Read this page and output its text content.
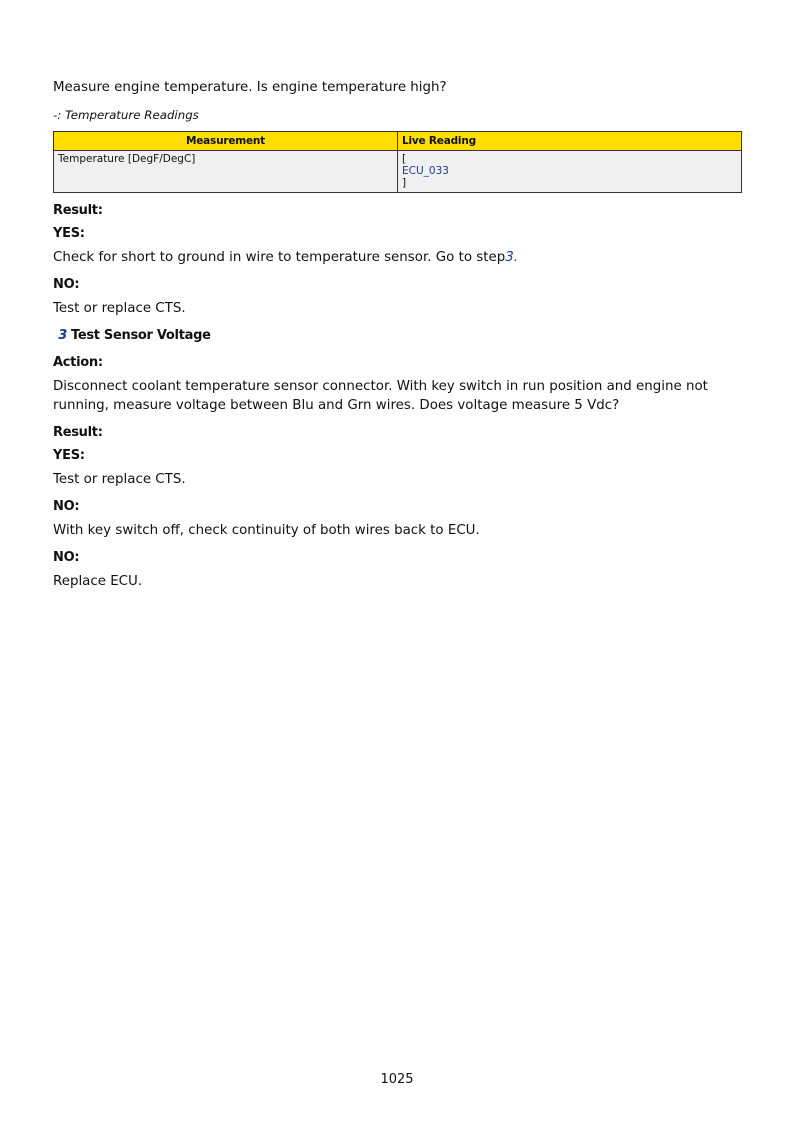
Measure engine temperature. Is engine temperature high?

-: Temperature Readings

Measurement	Live Reading
Temperature [DegF/DegC]	[
ECU_033
]

Result:

YES:

Check for short to ground in wire to temperature sensor. Go to step3.

NO:

Test or replace CTS.

3 Test Sensor Voltage

Action:

Disconnect coolant temperature sensor connector. With key switch in run position and engine not running, measure voltage between Blu and Grn wires. Does voltage measure 5 Vdc?

Result:

YES:

Test or replace CTS.

NO:

With key switch off, check continuity of both wires back to ECU.

NO:

Replace ECU.

1025
